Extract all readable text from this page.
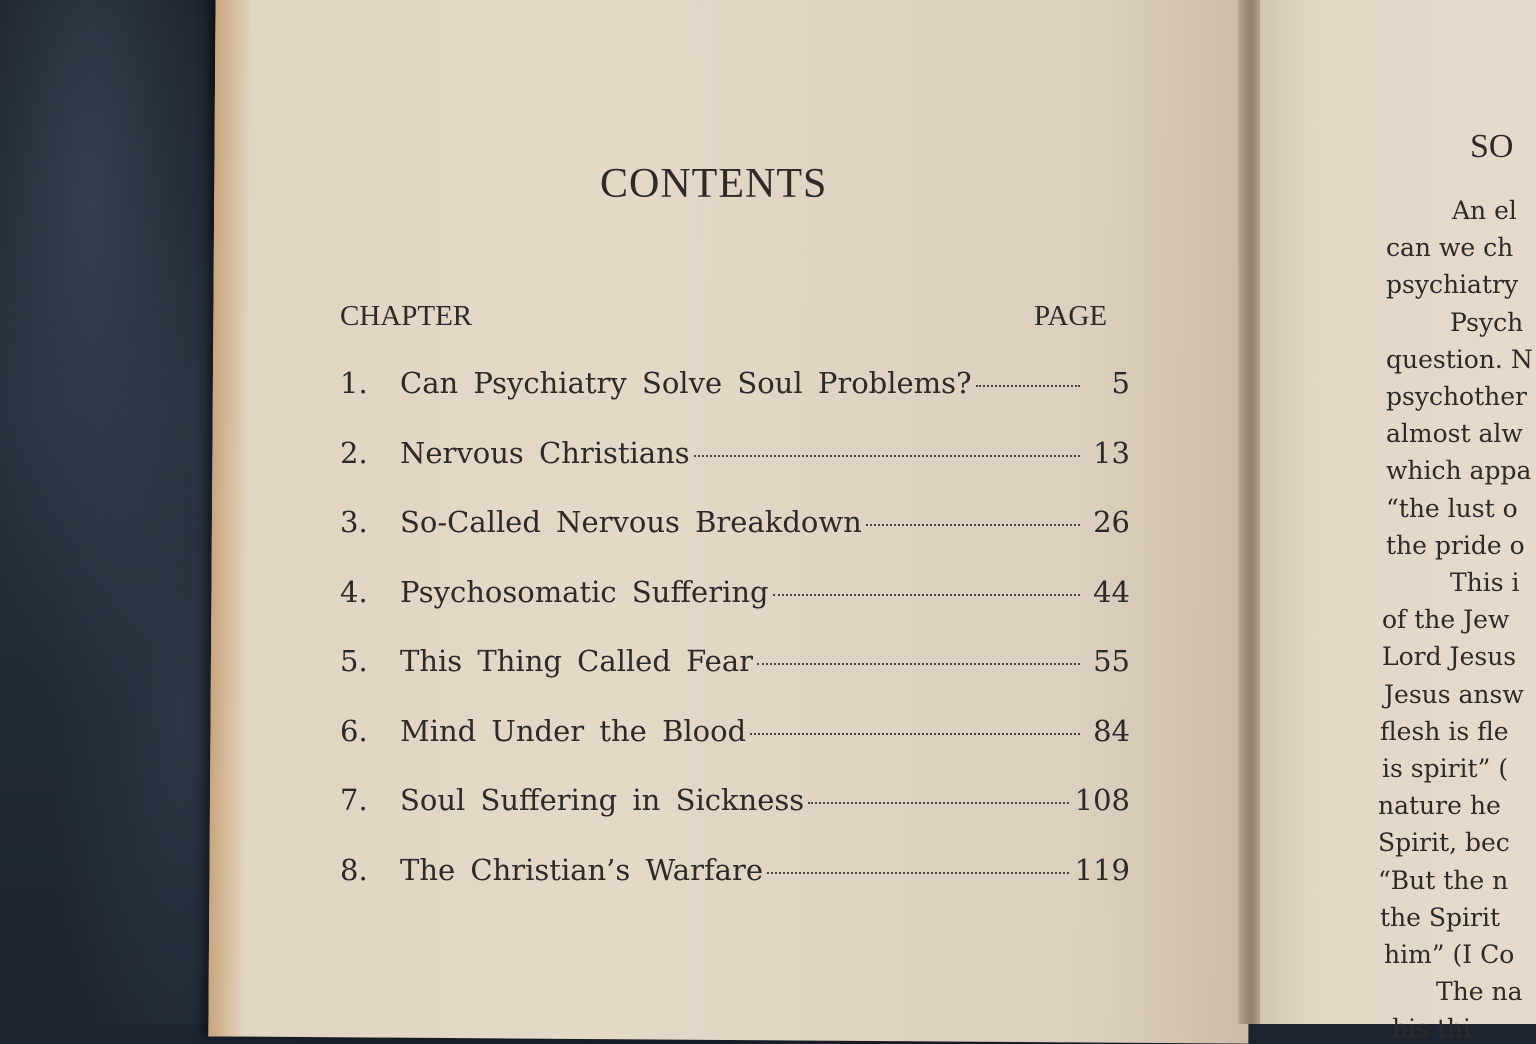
CONTENTS
CHAPTER	PAGE
1.	Can Psychiatry Solve Soul Problems?	5
2.	Nervous Christians	13
3.	So-Called Nervous Breakdown	26
4.	Psychosomatic Suffering	44
5.	This Thing Called Fear	55
6.	Mind Under the Blood	84
7.	Soul Suffering in Sickness	108
8.	The Christian’s Warfare	119
SO
An el
can we ch
psychiatry
Psych
question. N
psychother
almost alw
which appa
“the lust o
the pride o
This i
of the Jew
Lord Jesus
Jesus answ
flesh is fle
is spirit” (
nature he
Spirit, bec
“But the n
the Spirit
him” (I Co
The na
his thi
